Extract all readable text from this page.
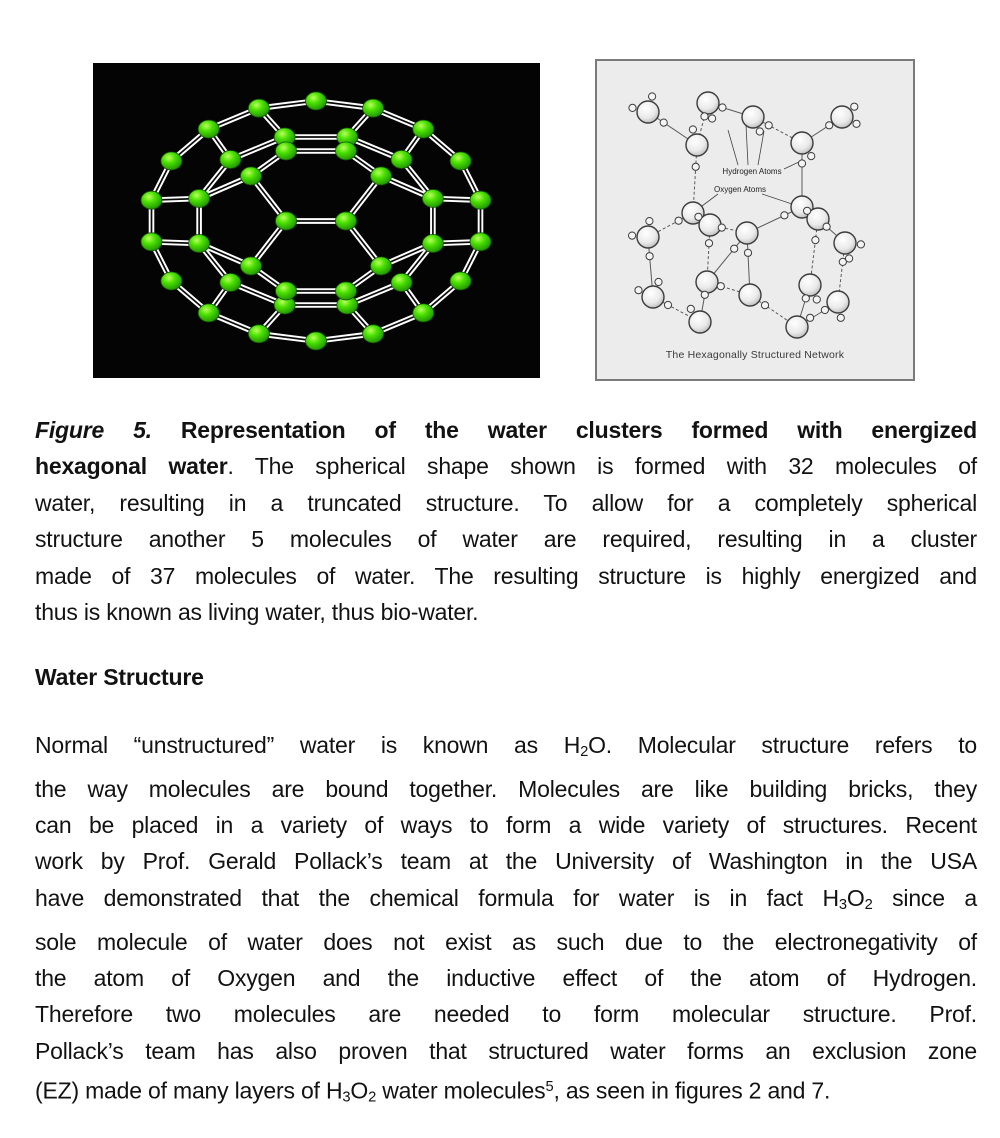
Hydrogen Atoms
Oxygen Atoms
The Hexagonally Structured Network
Figure 5. Representation of the water clusters formed with energized
hexagonal water. The spherical shape shown is formed with 32 molecules of
water, resulting in a truncated structure. To allow for a completely spherical
structure another 5 molecules of water are required, resulting in a cluster
made of 37 molecules of water. The resulting structure is highly energized and
thus is known as living water, thus bio-water.
Water Structure
Normal “unstructured” water is known as H2O. Molecular structure refers to
the way molecules are bound together. Molecules are like building bricks, they
can be placed in a variety of ways to form a wide variety of structures. Recent
work by Prof. Gerald Pollack’s team at the University of Washington in the USA
have demonstrated that the chemical formula for water is in fact H3O2 since a
sole molecule of water does not exist as such due to the electronegativity of
the atom of Oxygen and the inductive effect of the atom of Hydrogen.
Therefore two molecules are needed to form molecular structure. Prof.
Pollack’s team has also proven that structured water forms an exclusion zone
(EZ) made of many layers of H3O2 water molecules$^5$, as seen in figures 2 and 7.
